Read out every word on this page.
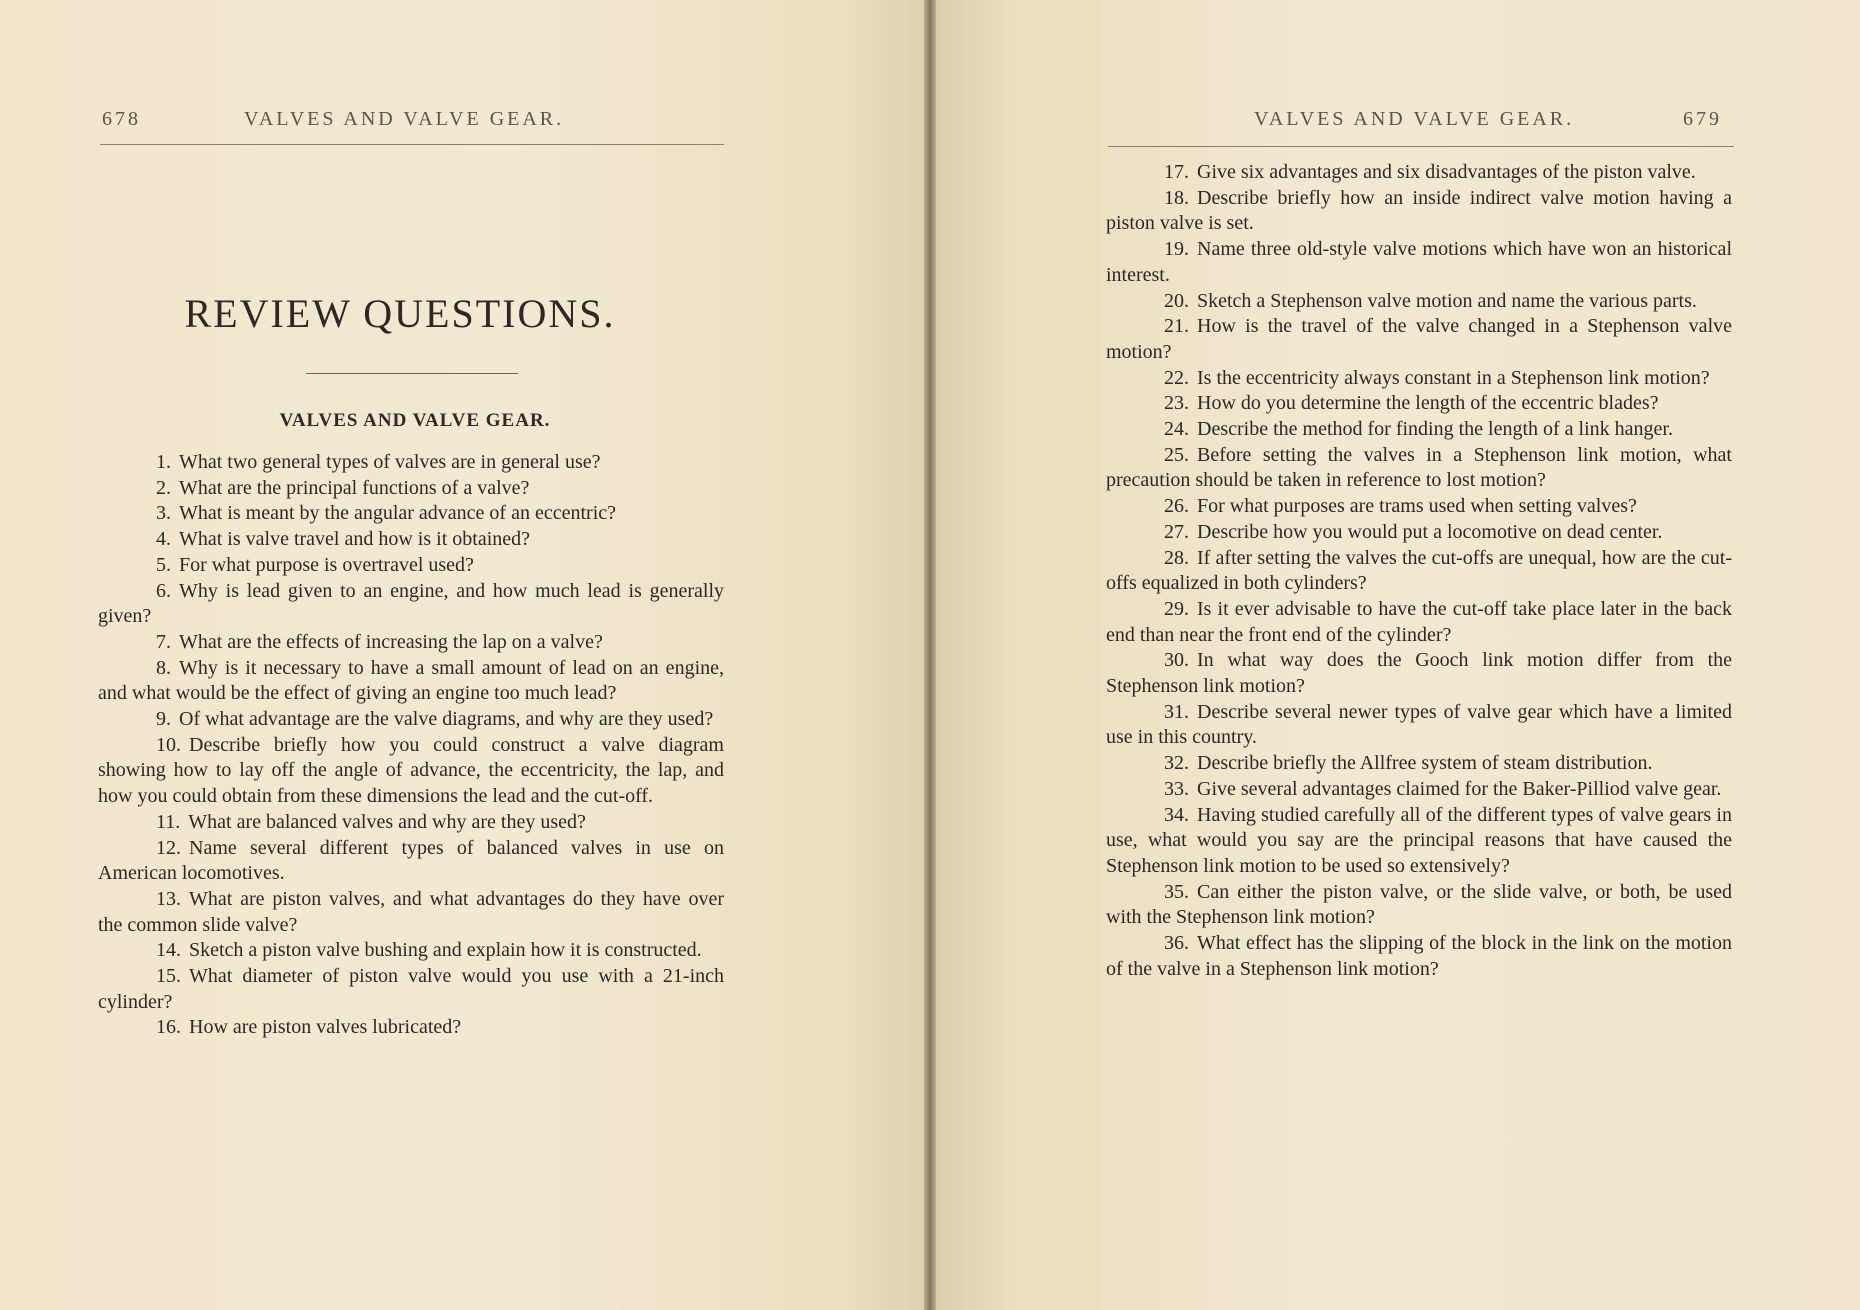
678	VALVES AND VALVE GEAR.
REVIEW QUESTIONS.
VALVES AND VALVE GEAR.

1. What two general types of valves are in general use?

2. What are the principal functions of a valve?

3. What is meant by the angular advance of an eccentric?

4. What is valve travel and how is it obtained?

5. For what purpose is overtravel used?

6. Why is lead given to an engine, and how much lead is generally given?

7. What are the effects of increasing the lap on a valve?

8. Why is it necessary to have a small amount of lead on an engine, and what would be the effect of giving an engine too much lead?

9. Of what advantage are the valve diagrams, and why are they used?

10. Describe briefly how you could construct a valve diagram showing how to lay off the angle of advance, the eccentricity, the lap, and how you could obtain from these dimensions the lead and the cut-off.

11. What are balanced valves and why are they used?

12. Name several different types of balanced valves in use on American locomotives.

13. What are piston valves, and what advantages do they have over the common slide valve?

14. Sketch a piston valve bushing and explain how it is constructed.

15. What diameter of piston valve would you use with a 21-inch cylinder?

16. How are piston valves lubricated?

VALVES AND VALVE GEAR.	679

17. Give six advantages and six disadvantages of the piston valve.

18. Describe briefly how an inside indirect valve motion having a piston valve is set.

19. Name three old-style valve motions which have won an historical interest.

20. Sketch a Stephenson valve motion and name the various parts.

21. How is the travel of the valve changed in a Stephenson valve motion?

22. Is the eccentricity always constant in a Stephenson link motion?

23. How do you determine the length of the eccentric blades?

24. Describe the method for finding the length of a link hanger.

25. Before setting the valves in a Stephenson link motion, what precaution should be taken in reference to lost motion?

26. For what purposes are trams used when setting valves?

27. Describe how you would put a locomotive on dead center.

28. If after setting the valves the cut-offs are unequal, how are the cut-offs equalized in both cylinders?

29. Is it ever advisable to have the cut-off take place later in the back end than near the front end of the cylinder?

30. In what way does the Gooch link motion differ from the Stephenson link motion?

31. Describe several newer types of valve gear which have a limited use in this country.

32. Describe briefly the Allfree system of steam distribution.

33. Give several advantages claimed for the Baker-Pilliod valve gear.

34. Having studied carefully all of the different types of valve gears in use, what would you say are the principal reasons that have caused the Stephenson link motion to be used so extensively?

35. Can either the piston valve, or the slide valve, or both, be used with the Stephenson link motion?

36. What effect has the slipping of the block in the link on the motion of the valve in a Stephenson link motion?
